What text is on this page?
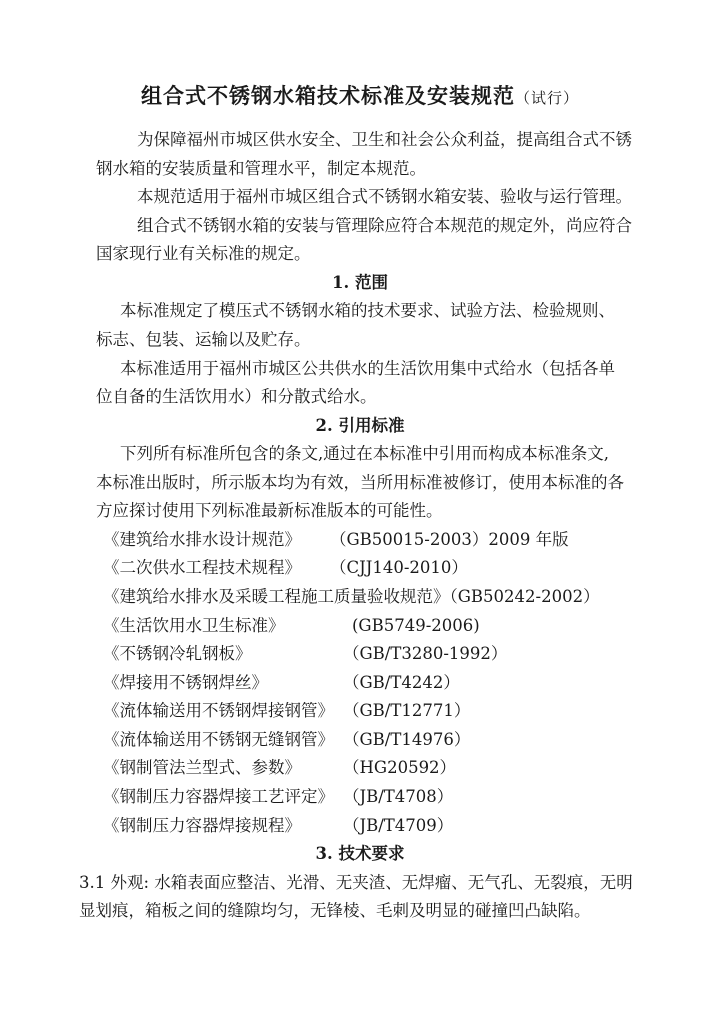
组合式不锈钢水箱技术标准及安装规范（试行）
为保障福州市城区供水安全、卫生和社会公众利益，提高组合式不锈
钢水箱的安装质量和管理水平，制定本规范。
本规范适用于福州市城区组合式不锈钢水箱安装、验收与运行管理。
组合式不锈钢水箱的安装与管理除应符合本规范的规定外，尚应符合
国家现行业有关标准的规定。
1. 范围
本标准规定了模压式不锈钢水箱的技术要求、试验方法、检验规则、
标志、包装、运输以及贮存。
本标准适用于福州市城区公共供水的生活饮用集中式给水（包括各单
位自备的生活饮用水）和分散式给水。
2. 引用标准
下列所有标准所包含的条文,通过在本标准中引用而构成本标准条文,
本标准出版时，所示版本均为有效，当所用标准被修订，使用本标准的各
方应探讨使用下列标准最新标准版本的可能性。
《建筑给水排水设计规范》 （GB50015-2003）2009 年版
《二次供水工程技术规程》 （CJJ140-2010）
《建筑给水排水及采暖工程施工质量验收规范》（GB50242-2002）
《生活饮用水卫生标准》	(GB5749-2006)
《不锈钢冷轧钢板》	（GB/T3280-1992）
《焊接用不锈钢焊丝》	（GB/T4242）
《流体输送用不锈钢焊接钢管》 （GB/T12771）
《流体输送用不锈钢无缝钢管》 （GB/T14976）
《钢制管法兰型式、参数》	（HG20592）
《钢制压力容器焊接工艺评定》 （JB/T4708）
《钢制压力容器焊接规程》	（JB/T4709）
3. 技术要求
3.1 外观: 水箱表面应整洁、光滑、无夹渣、无焊瘤、无气孔、无裂痕，无明
显划痕，箱板之间的缝隙均匀，无锋棱、毛刺及明显的碰撞凹凸缺陷。
